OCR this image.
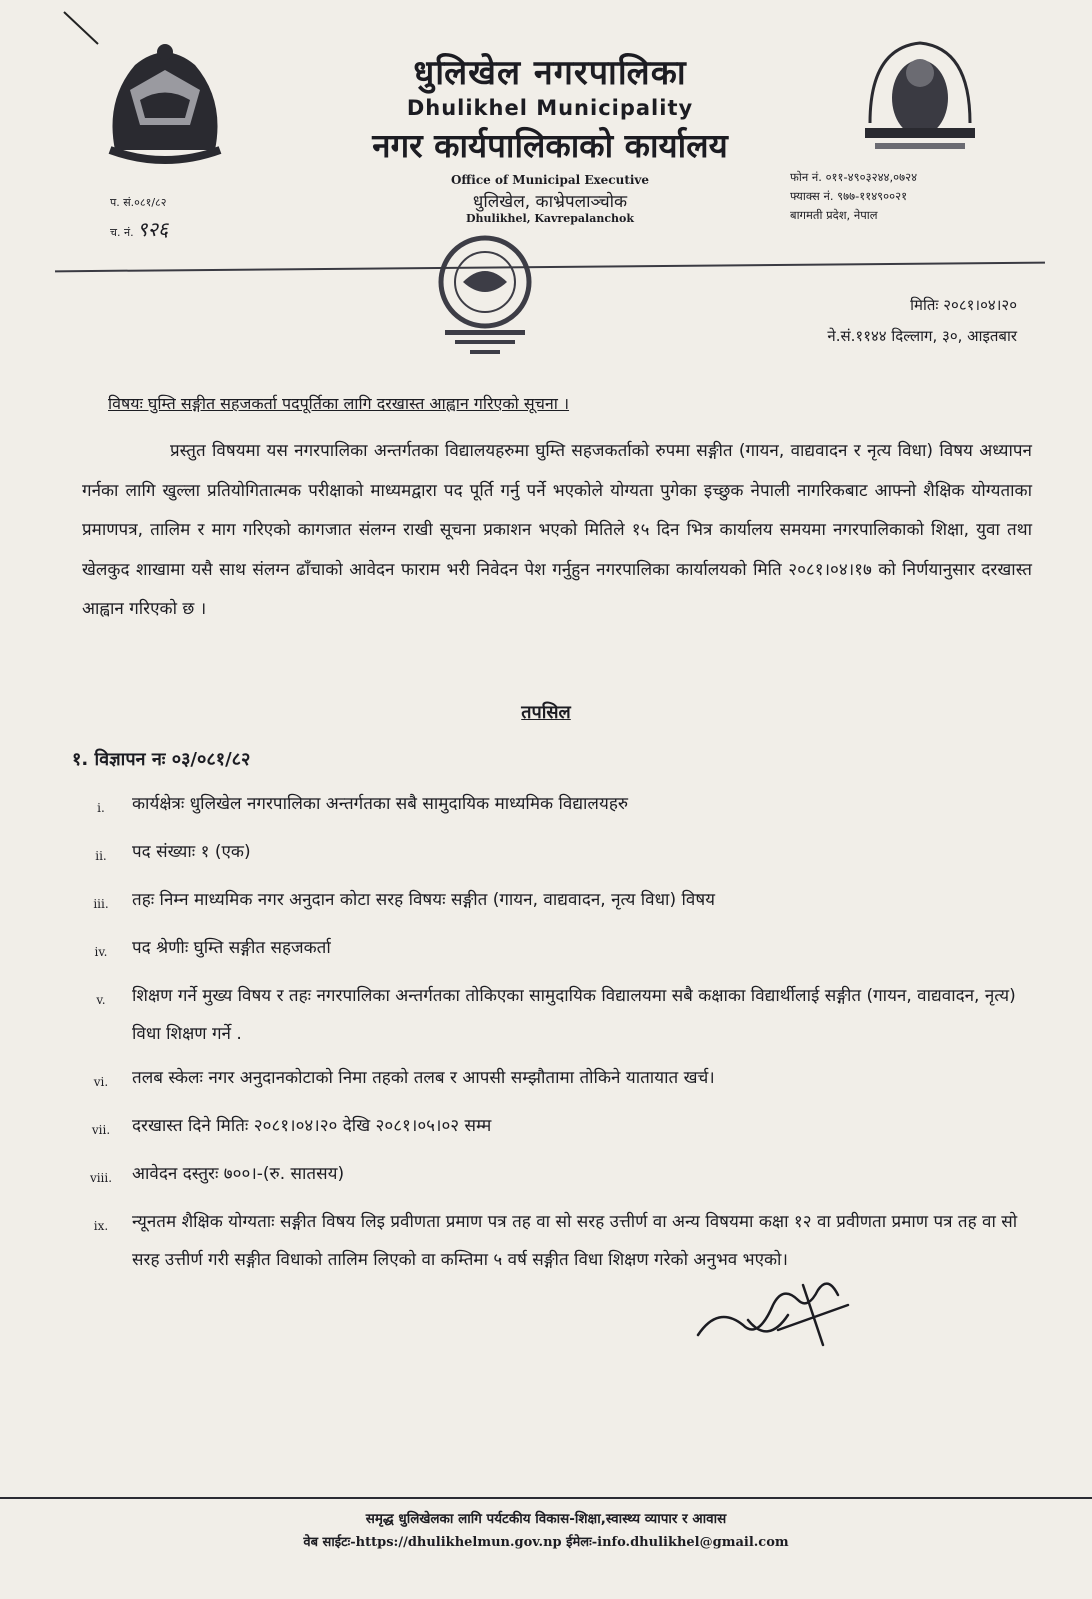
धुलिखेल नगरपालिका
Dhulikhel Municipality
नगर कार्यपालिकाको कार्यालय
Office of Municipal Executive
धुलिखेल, काभ्रेपलाञ्चोक
Dhulikhel, Kavrepalanchok
फोन नं. ०११-४९०३२४४,०७२४
फ्याक्स नं. ९७७-११४९००२१
बागमती प्रदेश, नेपाल
प. सं.०८१/८२
च. नं. ९२६
मितिः २०८१।०४।२०
ने.सं.११४४ दिल्लाग, ३०, आइतबार
विषयः घुम्ति सङ्गीत सहजकर्ता पदपूर्तिका लागि दरखास्त आह्वान गरिएको सूचना ।

प्रस्तुत विषयमा यस नगरपालिका अन्तर्गतका विद्यालयहरुमा घुम्ति सहजकर्ताको रुपमा सङ्गीत (गायन, वाद्यवादन र नृत्य विधा) विषय अध्यापन गर्नका लागि खुल्ला प्रतियोगितात्मक परीक्षाको माध्यमद्वारा पद पूर्ति गर्नु पर्ने भएकोले योग्यता पुगेका इच्छुक नेपाली नागरिकबाट आफ्नो शैक्षिक योग्यताका प्रमाणपत्र, तालिम र माग गरिएको कागजात संलग्न राखी सूचना प्रकाशन भएको मितिले १५ दिन भित्र कार्यालय समयमा नगरपालिकाको शिक्षा, युवा तथा खेलकुद शाखामा यसै साथ संलग्न ढाँचाको आवेदन फाराम भरी निवेदन पेश गर्नुहुन नगरपालिका कार्यालयको मिति २०८१।०४।१७ को निर्णयानुसार दरखास्त आह्वान गरिएको छ ।

तपसिल
१. विज्ञापन नः ०३/०८१/८२
i.	कार्यक्षेत्रः धुलिखेल नगरपालिका अन्तर्गतका सबै सामुदायिक माध्यमिक विद्यालयहरु
ii.	पद संख्याः १ (एक)
iii.	तहः निम्न माध्यमिक नगर अनुदान कोटा सरह विषयः सङ्गीत (गायन, वाद्यवादन, नृत्य विधा) विषय
iv.	पद श्रेणीः घुम्ति सङ्गीत सहजकर्ता
v.	शिक्षण गर्ने मुख्य विषय र तहः नगरपालिका अन्तर्गतका तोकिएका सामुदायिक विद्यालयमा सबै कक्षाका विद्यार्थीलाई सङ्गीत (गायन, वाद्यवादन, नृत्य) विधा शिक्षण गर्ने .
vi.	तलब स्केलः नगर अनुदानकोटाको निमा तहको तलब र आपसी सम्झौतामा तोकिने यातायात खर्च।
vii.	दरखास्त दिने मितिः २०८१।०४।२० देखि २०८१।०५।०२ सम्म
viii.	आवेदन दस्तुरः ७००।-(रु. सातसय)
ix.	न्यूनतम शैक्षिक योग्यताः सङ्गीत विषय लिइ प्रवीणता प्रमाण पत्र तह वा सो सरह उत्तीर्ण वा अन्य विषयमा कक्षा १२ वा प्रवीणता प्रमाण पत्र तह वा सो सरह उत्तीर्ण गरी सङ्गीत विधाको तालिम लिएको वा कम्तिमा ५ वर्ष सङ्गीत विधा शिक्षण गरेको अनुभव भएको।
समृद्ध धुलिखेलका लागि पर्यटकीय विकास-शिक्षा,स्वास्थ्य व्यापार र आवास
वेब साईटः-https://dhulikhelmun.gov.np ईमेलः-info.dhulikhel@gmail.com
